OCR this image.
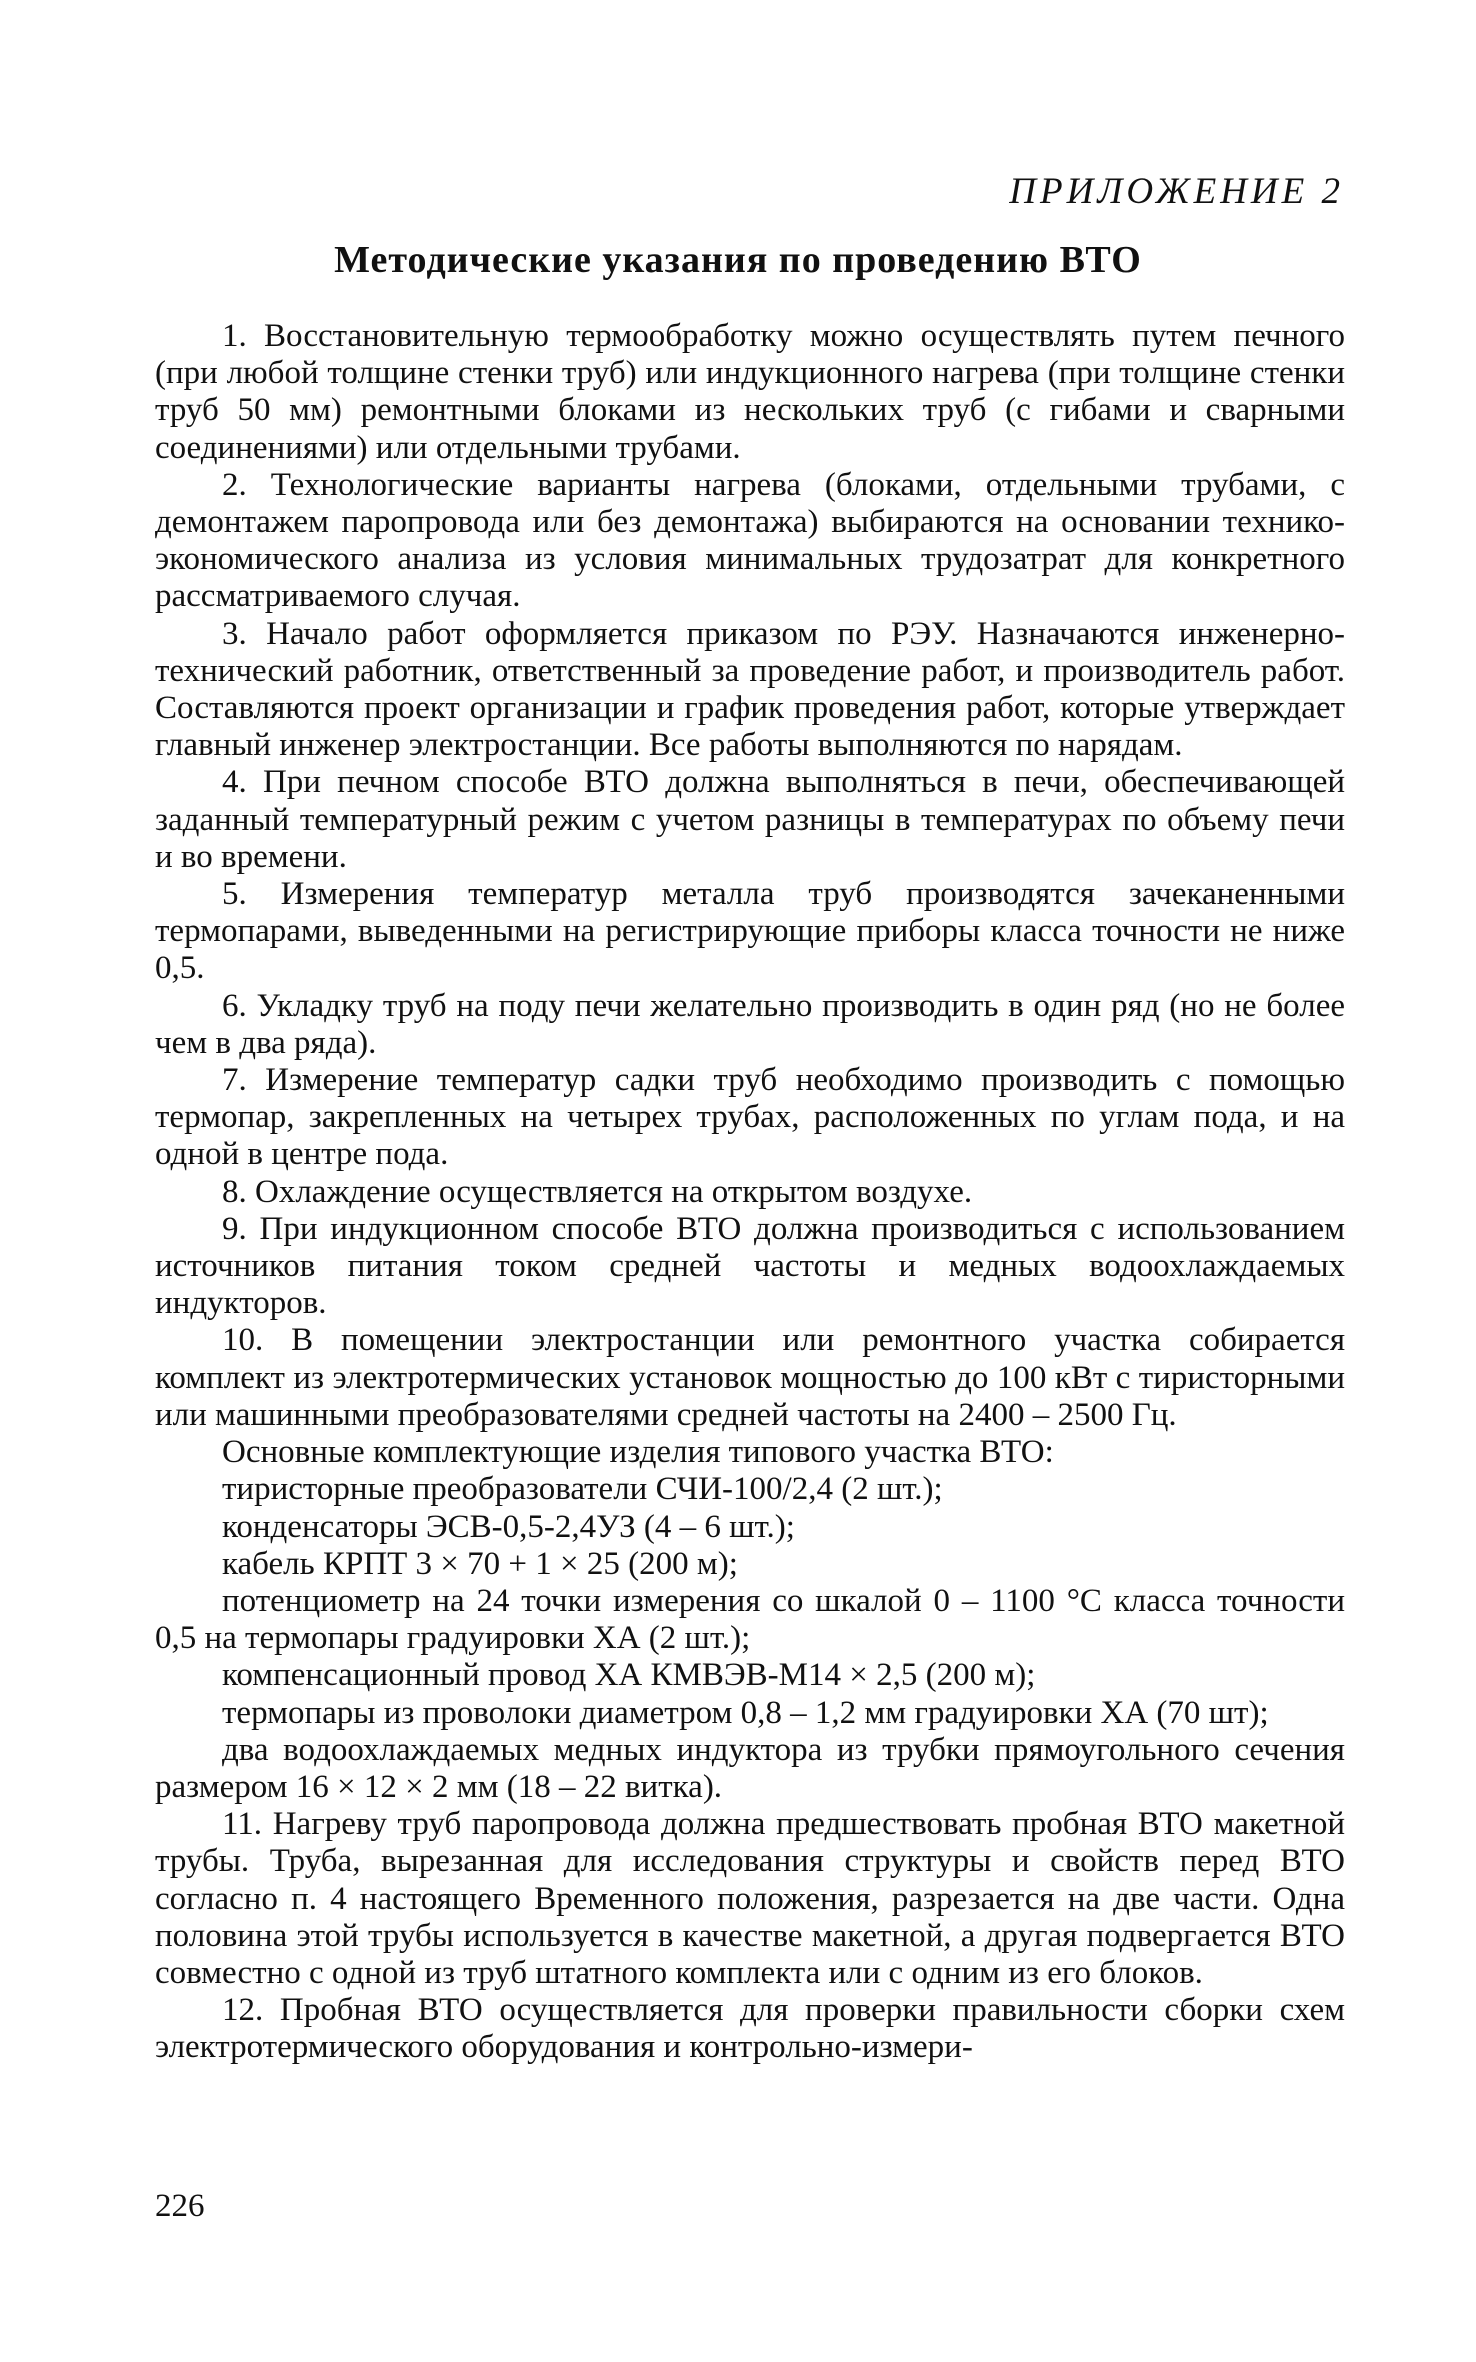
ПРИЛОЖЕНИЕ 2
Методические указания по проведению ВТО

1. Восстановительную термообработку можно осуществлять путем печного (при любой толщине стенки труб) или индукционного нагрева (при толщине стенки труб 50 мм) ремонтными блоками из нескольких труб (с гибами и сварными соединениями) или отдельными трубами.

2. Технологические варианты нагрева (блоками, отдельными трубами, с демонтажем паропровода или без демонтажа) выбираются на основании технико-экономического анализа из условия минимальных трудозатрат для конкретного рассматриваемого случая.

3. Начало работ оформляется приказом по РЭУ. Назначаются инженерно-технический работник, ответственный за проведение работ, и производитель работ. Составляются проект организации и график проведения работ, которые утверждает главный инженер электростанции. Все работы выполняются по нарядам.

4. При печном способе ВТО должна выполняться в печи, обеспечивающей заданный температурный режим с учетом разницы в температурах по объему печи и во времени.

5. Измерения температур металла труб производятся зачеканенными термопарами, выведенными на регистрирующие приборы класса точности не ниже 0,5.

6. Укладку труб на поду печи желательно производить в один ряд (но не более чем в два ряда).

7. Измерение температур садки труб необходимо производить с помощью термопар, закрепленных на четырех трубах, расположенных по углам пода, и на одной в центре пода.

8. Охлаждение осуществляется на открытом воздухе.

9. При индукционном способе ВТО должна производиться с использованием источников питания током средней частоты и медных водоохлаждаемых индукторов.

10. В помещении электростанции или ремонтного участка собирается комплект из электротермических установок мощностью до 100 кВт с тиристорными или машинными преобразователями средней частоты на 2400 – 2500 Гц.

Основные комплектующие изделия типового участка ВТО:

тиристорные преобразователи СЧИ-100/2,4 (2 шт.);

конденсаторы ЭСВ-0,5-2,4УЗ (4 – 6 шт.);

кабель КРПТ 3 × 70 + 1 × 25 (200 м);

потенциометр на 24 точки измерения со шкалой 0 – 1100 °С класса точности 0,5 на термопары градуировки ХА (2 шт.);

компенсационный провод ХА КМВЭВ-М14 × 2,5 (200 м);

термопары из проволоки диаметром 0,8 – 1,2 мм градуировки ХА (70 шт);

два водоохлаждаемых медных индуктора из трубки прямоугольного сечения размером 16 × 12 × 2 мм (18 – 22 витка).

11. Нагреву труб паропровода должна предшествовать пробная ВТО макетной трубы. Труба, вырезанная для исследования структуры и свойств перед ВТО согласно п. 4 настоящего Временного положения, разрезается на две части. Одна половина этой трубы используется в качестве макетной, а другая подвергается ВТО совместно с одной из труб штатного комплекта или с одним из его блоков.

12. Пробная ВТО осуществляется для проверки правильности сборки схем электротермического оборудования и контрольно-измери-

226
